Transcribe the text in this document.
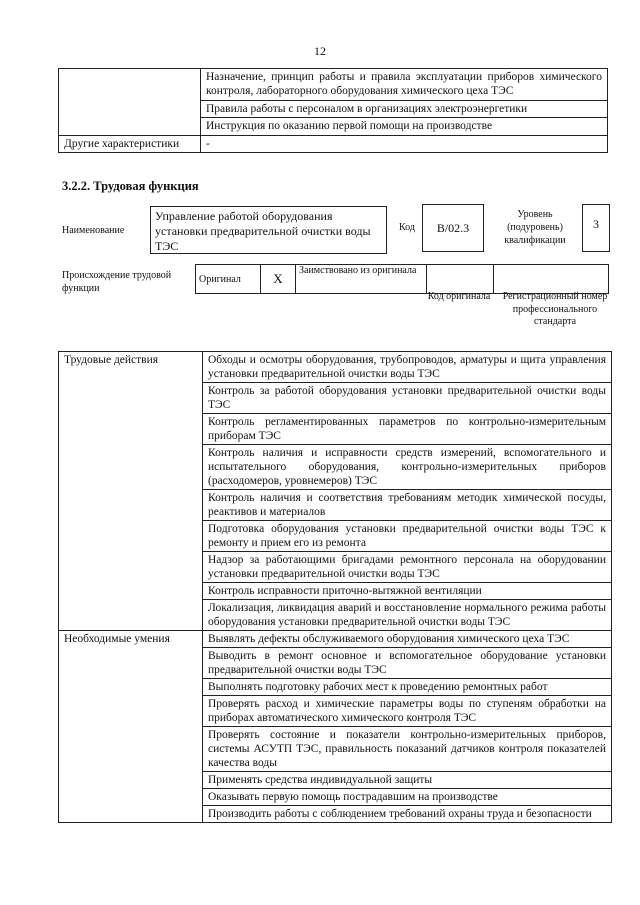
12
	Назначение, принцип работы и правила эксплуатации приборов химического контроля, лабораторного оборудования химического цеха ТЭС
	Правила работы с персоналом в организациях электроэнергетики
	Инструкция по оказанию первой помощи на производстве
Другие характеристики	-
3.2.2. Трудовая функция
Наименование
Управление работой оборудования установки предварительной очистки воды ТЭС
Код	B/02.3
Уровень (подуровень) квалификации
3
Происхождение трудовой функции
Оригинал	X	Заимствовано из оригинала		
Код оригинала Регистрационный номер профессионального стандарта
Трудовые действия	Обходы и осмотры оборудования, трубопроводов, арматуры и щита управления установки предварительной очистки воды ТЭС
	Контроль за работой оборудования установки предварительной очистки воды ТЭС
	Контроль регламентированных параметров по контрольно-измерительным приборам ТЭС
	Контроль наличия и исправности средств измерений, вспомогательного и испытательного оборудования, контрольно-измерительных приборов (расходомеров, уровнемеров) ТЭС
	Контроль наличия и соответствия требованиям методик химической посуды, реактивов и материалов
	Подготовка оборудования установки предварительной очистки воды ТЭС к ремонту и прием его из ремонта
	Надзор за работающими бригадами ремонтного персонала на оборудовании установки предварительной очистки воды ТЭС
	Контроль исправности приточно-вытяжной вентиляции
	Локализация, ликвидация аварий и восстановление нормального режима работы оборудования установки предварительной очистки воды ТЭС
Необходимые умения	Выявлять дефекты обслуживаемого оборудования химического цеха ТЭС
	Выводить в ремонт основное и вспомогательное оборудование установки предварительной очистки воды ТЭС
	Выполнять подготовку рабочих мест к проведению ремонтных работ
	Проверять расход и химические параметры воды по ступеням обработки на приборах автоматического химического контроля ТЭС
	Проверять состояние и показатели контрольно-измерительных приборов, системы АСУТП ТЭС, правильность показаний датчиков контроля показателей качества воды
	Применять средства индивидуальной защиты
	Оказывать первую помощь пострадавшим на производстве
	Производить работы с соблюдением требований охраны труда и безопасности
